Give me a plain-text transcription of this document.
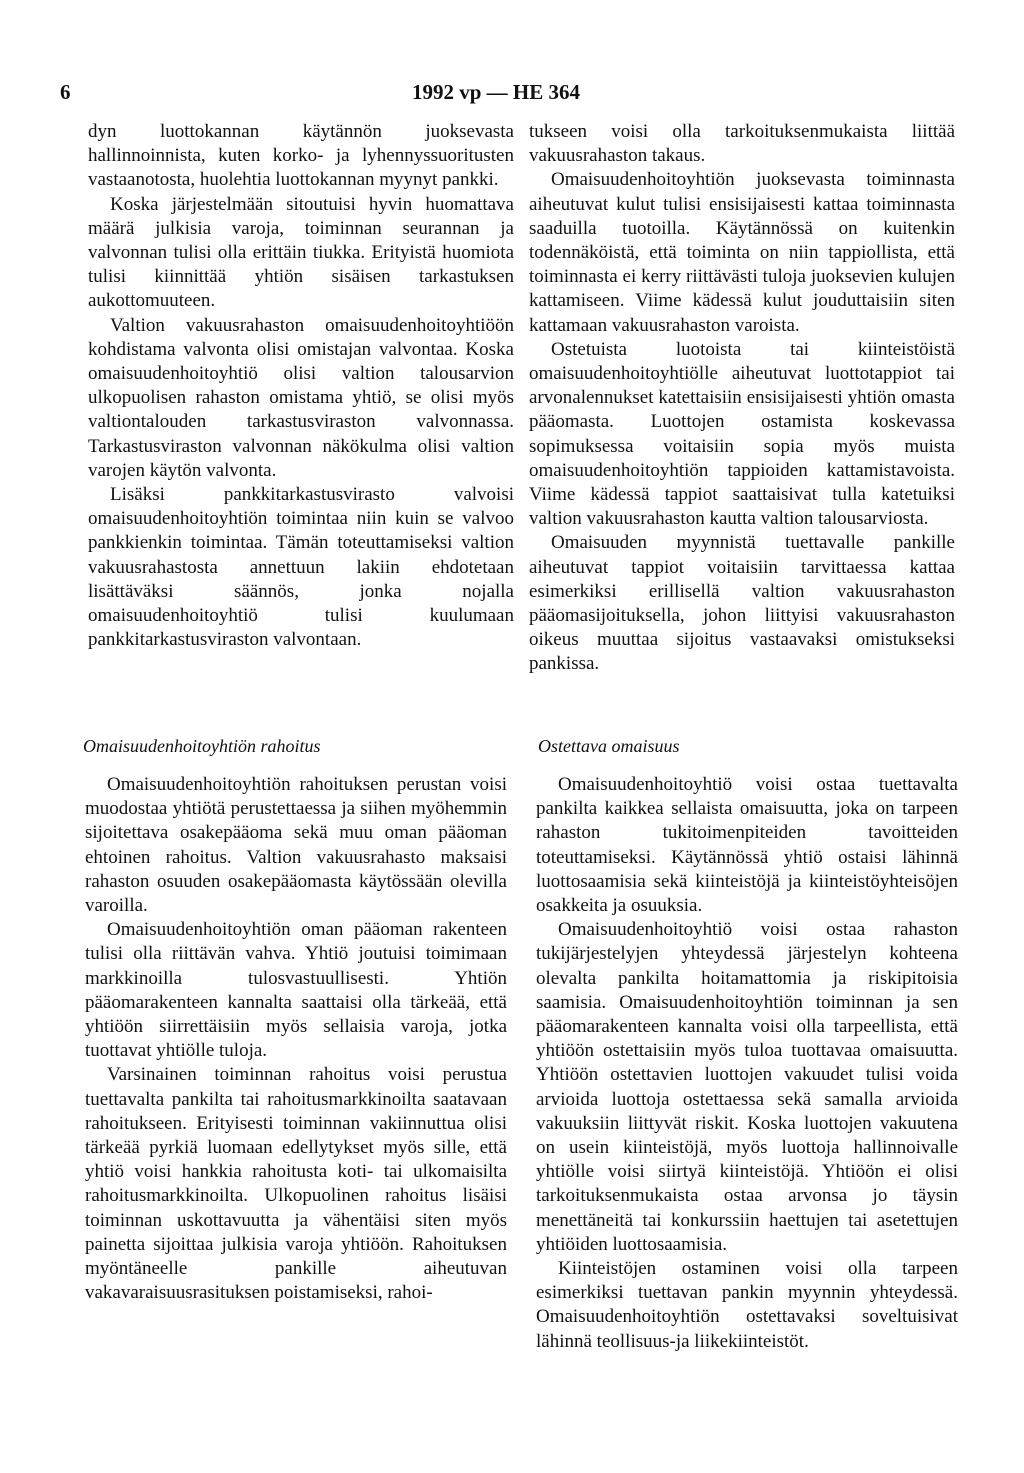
6	1992 vp — HE 364

dyn luottokannan käytännön juoksevasta hallinnoinnista, kuten korko- ja lyhennyssuoritusten vastaanotosta, huolehtia luottokannan myynyt pankki.

Koska järjestelmään sitoutuisi hyvin huomattava määrä julkisia varoja, toiminnan seurannan ja valvonnan tulisi olla erittäin tiukka. Erityistä huomiota tulisi kiinnittää yhtiön sisäisen tarkastuksen aukottomuuteen.

Valtion vakuusrahaston omaisuudenhoitoyhtiöön kohdistama valvonta olisi omistajan valvontaa. Koska omaisuudenhoitoyhtiö olisi valtion talousarvion ulkopuolisen rahaston omistama yhtiö, se olisi myös valtiontalouden tarkastusviraston valvonnassa. Tarkastusviraston valvonnan näkökulma olisi valtion varojen käytön valvonta.

Lisäksi pankkitarkastusvirasto valvoisi omaisuudenhoitoyhtiön toimintaa niin kuin se valvoo pankkienkin toimintaa. Tämän toteuttamiseksi valtion vakuusrahastosta annettuun lakiin ehdotetaan lisättäväksi säännös, jonka nojalla omaisuudenhoitoyhtiö tulisi kuulumaan pankkitarkastusviraston valvontaan.

tukseen voisi olla tarkoituksenmukaista liittää vakuusrahaston takaus.

Omaisuudenhoitoyhtiön juoksevasta toiminnasta aiheutuvat kulut tulisi ensisijaisesti kattaa toiminnasta saaduilla tuotoilla. Käytännössä on kuitenkin todennäköistä, että toiminta on niin tappiollista, että toiminnasta ei kerry riittävästi tuloja juoksevien kulujen kattamiseen. Viime kädessä kulut jouduttaisiin siten kattamaan vakuusrahaston varoista.

Ostetuista luotoista tai kiinteistöistä omaisuudenhoitoyhtiölle aiheutuvat luottotappiot tai arvonalennukset katettaisiin ensisijaisesti yhtiön omasta pääomasta. Luottojen ostamista koskevassa sopimuksessa voitaisiin sopia myös muista omaisuudenhoitoyhtiön tappioiden kattamistavoista. Viime kädessä tappiot saattaisivat tulla katetuiksi valtion vakuusrahaston kautta valtion talousarviosta.

Omaisuuden myynnistä tuettavalle pankille aiheutuvat tappiot voitaisiin tarvittaessa kattaa esimerkiksi erillisellä valtion vakuusrahaston pääomasijoituksella, johon liittyisi vakuusrahaston oikeus muuttaa sijoitus vastaavaksi omistukseksi pankissa.

Omaisuudenhoitoyhtiön rahoitus	Ostettava omaisuus

Omaisuudenhoitoyhtiön rahoituksen perustan voisi muodostaa yhtiötä perustettaessa ja siihen myöhemmin sijoitettava osakepääoma sekä muu oman pääoman ehtoinen rahoitus. Valtion vakuusrahasto maksaisi rahaston osuuden osakepääomasta käytössään olevilla varoilla.

Omaisuudenhoitoyhtiön oman pääoman rakenteen tulisi olla riittävän vahva. Yhtiö joutuisi toimimaan markkinoilla tulosvastuullisesti. Yhtiön pääomarakenteen kannalta saattaisi olla tärkeää, että yhtiöön siirrettäisiin myös sellaisia varoja, jotka tuottavat yhtiölle tuloja.

Varsinainen toiminnan rahoitus voisi perustua tuettavalta pankilta tai rahoitusmarkkinoilta saatavaan rahoitukseen. Erityisesti toiminnan vakiinnuttua olisi tärkeää pyrkiä luomaan edellytykset myös sille, että yhtiö voisi hankkia rahoitusta koti- tai ulkomaisilta rahoitusmarkkinoilta. Ulkopuolinen rahoitus lisäisi toiminnan uskottavuutta ja vähentäisi siten myös painetta sijoittaa julkisia varoja yhtiöön. Rahoituksen myöntäneelle pankille aiheutuvan vakavaraisuusrasituksen poistamiseksi, rahoi-

Omaisuudenhoitoyhtiö voisi ostaa tuettavalta pankilta kaikkea sellaista omaisuutta, joka on tarpeen rahaston tukitoimenpiteiden tavoitteiden toteuttamiseksi. Käytännössä yhtiö ostaisi lähinnä luottosaamisia sekä kiinteistöjä ja kiinteistöyhteisöjen osakkeita ja osuuksia.

Omaisuudenhoitoyhtiö voisi ostaa rahaston tukijärjestelyjen yhteydessä järjestelyn kohteena olevalta pankilta hoitamattomia ja riskipitoisia saamisia. Omaisuudenhoitoyhtiön toiminnan ja sen pääomarakenteen kannalta voisi olla tarpeellista, että yhtiöön ostettaisiin myös tuloa tuottavaa omaisuutta. Yhtiöön ostettavien luottojen vakuudet tulisi voida arvioida luottoja ostettaessa sekä samalla arvioida vakuuksiin liittyvät riskit. Koska luottojen vakuutena on usein kiinteistöjä, myös luottoja hallinnoivalle yhtiölle voisi siirtyä kiinteistöjä. Yhtiöön ei olisi tarkoituksenmukaista ostaa arvonsa jo täysin menettäneitä tai konkurssiin haettujen tai asetettujen yhtiöiden luottosaamisia.

Kiinteistöjen ostaminen voisi olla tarpeen esimerkiksi tuettavan pankin myynnin yhteydessä. Omaisuudenhoitoyhtiön ostettavaksi soveltuisivat lähinnä teollisuus-ja liikekiinteistöt.
